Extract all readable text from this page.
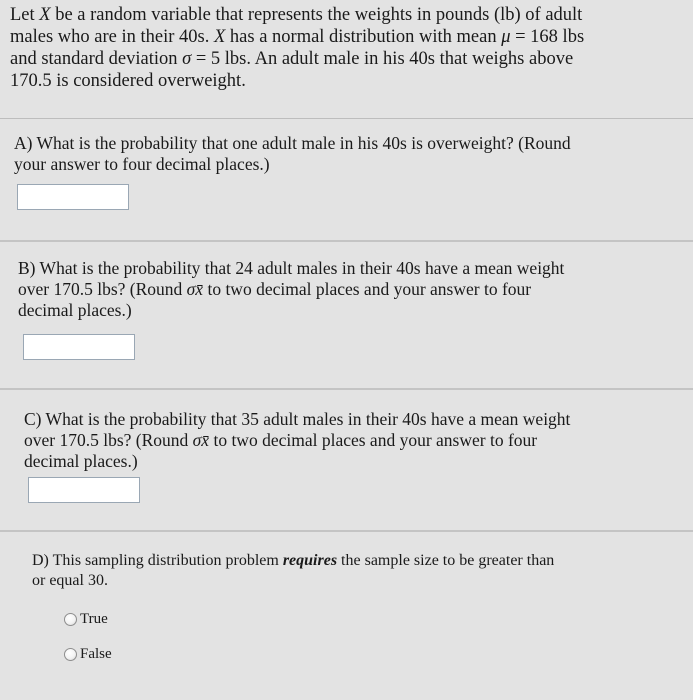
Let X be a random variable that represents the weights in pounds (lb) of adult
males who are in their 40s. X has a normal distribution with mean μ = 168 lbs
and standard deviation σ = 5 lbs. An adult male in his 40s that weighs above
170.5 is considered overweight.
A) What is the probability that one adult male in his 40s is overweight? (Round
your answer to four decimal places.)
B) What is the probability that 24 adult males in their 40s have a mean weight
over 170.5 lbs? (Round σx̄ to two decimal places and your answer to four
decimal places.)
C) What is the probability that 35 adult males in their 40s have a mean weight
over 170.5 lbs? (Round σx̄ to two decimal places and your answer to four
decimal places.)
D) This sampling distribution problem requires the sample size to be greater than
or equal 30.
True
False
